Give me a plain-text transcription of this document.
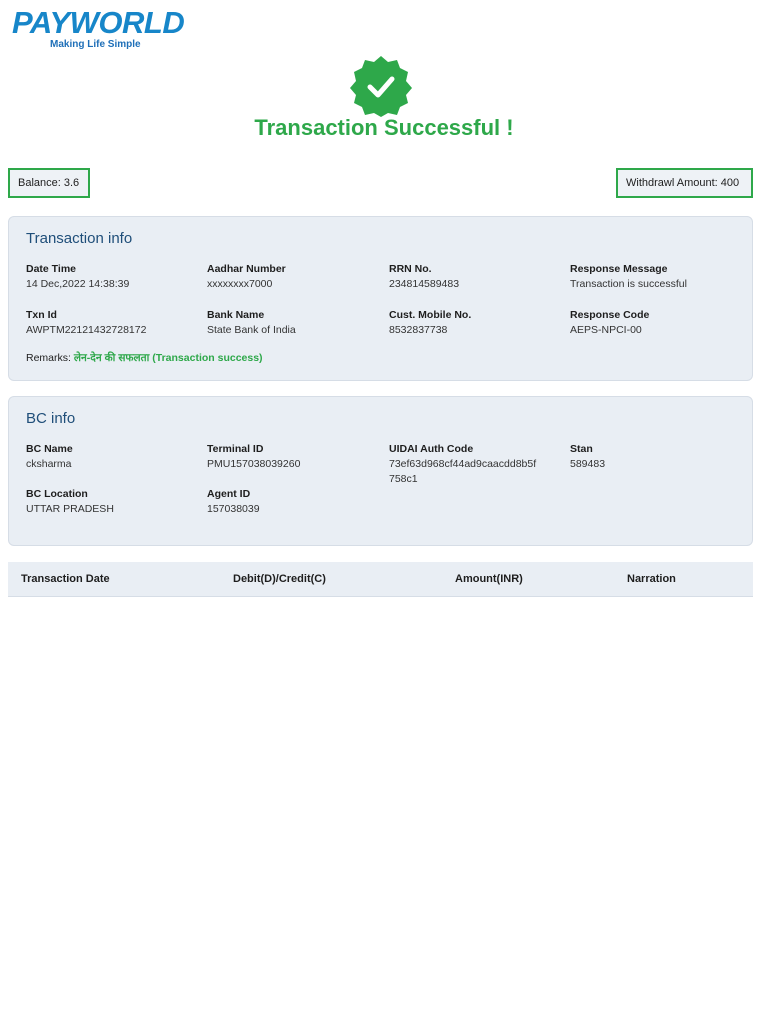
PAYWORLD
Making Life Simple
Transaction Successful !
Balance: 3.6	Withdrawl Amount: 400
Transaction info
Date Time
14 Dec,2022 14:38:39
Aadhar Number
xxxxxxxx7000
RRN No.
234814589483
Response Message
Transaction is successful
Txn Id
AWPTM22121432728172
Bank Name
State Bank of India
Cust. Mobile No.
8532837738
Response Code
AEPS-NPCI-00
Remarks: लेन-देन की सफलता (Transaction success)
BC info
BC Name
cksharma
Terminal ID
PMU157038039260
UIDAI Auth Code
73ef63d968cf44ad9caacdd8b5f
758c1
Stan
589483
BC Location
UTTAR PRADESH
Agent ID
157038039
Transaction Date	Debit(D)/Credit(C)	Amount(INR)	Narration
